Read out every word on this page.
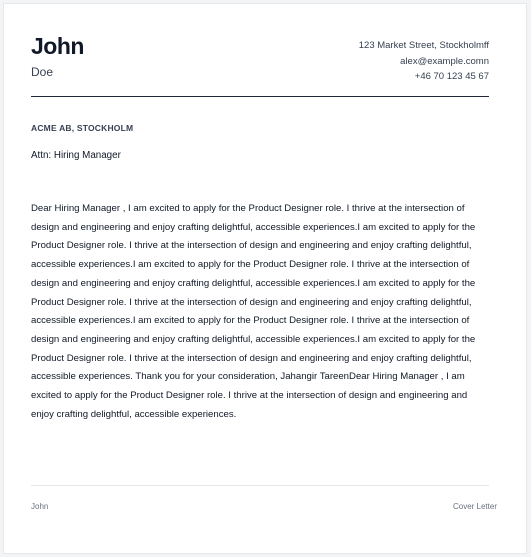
John
Doe
123 Market Street, Stockholmff
alex@example.comn
+46 70 123 45 67
ACME AB, STOCKHOLM
Attn: Hiring Manager

Dear Hiring Manager , I am excited to apply for the Product Designer role. I thrive at the intersection of design and engineering and enjoy crafting delightful, accessible experiences.I am excited to apply for the Product Designer role. I thrive at the intersection of design and engineering and enjoy crafting delightful, accessible experiences.I am excited to apply for the Product Designer role. I thrive at the intersection of design and engineering and enjoy crafting delightful, accessible experiences.I am excited to apply for the Product Designer role. I thrive at the intersection of design and engineering and enjoy crafting delightful, accessible experiences.I am excited to apply for the Product Designer role. I thrive at the intersection of design and engineering and enjoy crafting delightful, accessible experiences.I am excited to apply for the Product Designer role. I thrive at the intersection of design and engineering and enjoy crafting delightful, accessible experiences. Thank you for your consideration, Jahangir TareenDear Hiring Manager , I am excited to apply for the Product Designer role. I thrive at the intersection of design and engineering and enjoy crafting delightful, accessible experiences.

John	Cover Letter
